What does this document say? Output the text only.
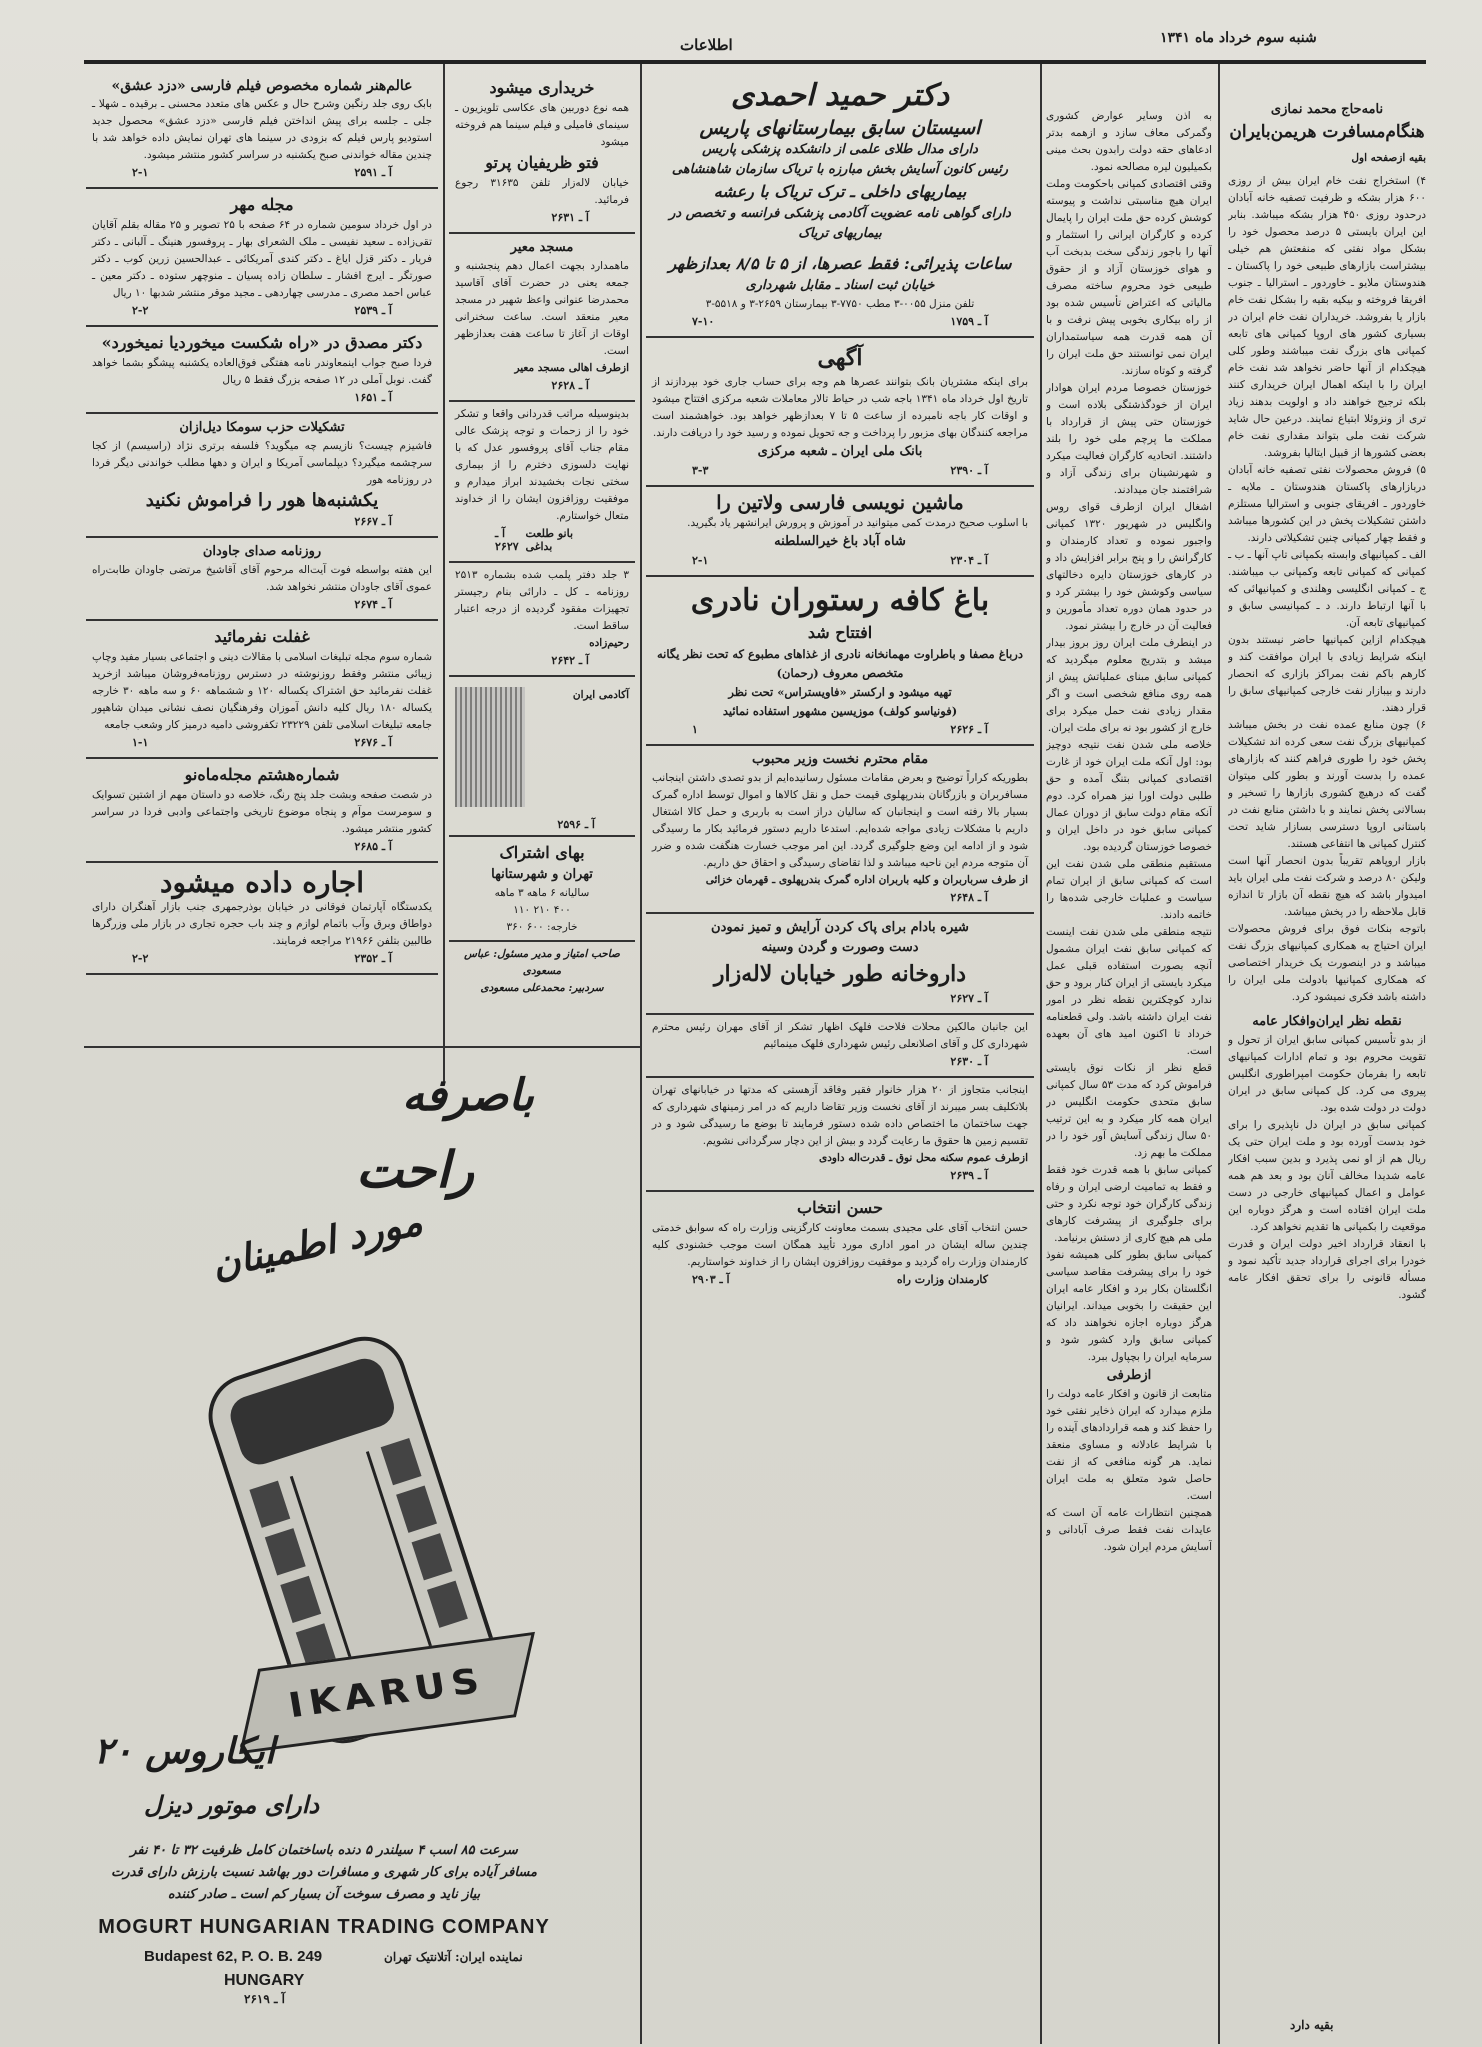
شنبه سوم خرداد ماه ۱۳۴۱
اطلاعات
نامه‌حاج محمد نمازی
هنگام‌مسافرت هریمن‌بایران
بقیه ازصفحه اول
۴) استخراج نفت خام ایران بیش از روزی ۶۰۰ هزار بشکه و ظرفیت تصفیه خانه آبادان درحدود روزی ۴۵۰ هزار بشکه میباشد. بنابر این ایران بایستی ۵ درصد محصول خود را بشکل مواد نفتی که منفعتش هم خیلی بیشتراست بازارهای طبیعی خود را پاکستان ـ هندوستان ملایو ـ خاوردور ـ استرالیا ـ جنوب افریقا فروخته و بیکیه بقیه را بشکل نفت خام بازار یا بفروشد. خریداران نفت خام ایران در بسیاری کشور های اروپا کمپانی های تابعه کمپانی های بزرگ نفت میباشند وطور کلی هیچکدام از آنها حاضر نخواهد شد نفت خام ایران را با اینکه اهمال ایران خریداری کنند بلکه ترجیح خواهند داد و اولویت بدهند زیاد تری از ونزوئلا ابتیاع نمایند. درعین حال شاید شرکت نفت ملی بتواند مقداری نفت خام بعضی کشورها از قبیل ایتالیا بفروشد.
۵) فروش محصولات نفتی تصفیه خانه آبادان دربازارهای پاکستان هندوستان ـ ملایه ـ خاوردور ـ افریقای جنوبی و استرالیا مستلزم داشتن تشکیلات پخش در این کشورها میباشد و فقط چهار کمپانی چنین تشکیلاتی دارند.
الف ـ کمپانیهای وابسته بکمپانی تاپ آنها ـ ب ـ کمپانی که کمپانی تابعه وکمپانی ب میباشند. ج ـ کمپانی انگلیسی وهلندی و کمپانیهائی که با آنها ارتباط دارند. د ـ کمپانیسی سابق و کمپانیهای تابعه آن.
هیچکدام ازاین کمپانیها حاضر نیستند بدون اینکه شرایط زیادی با ایران موافقت کند و کارهم باکم نفت بمراکز بازاری که انحصار دارند و بیبازار نفت خارجی کمپانیهای سابق را قرار دهند.
۶) چون منابع عمده نفت در بخش میباشد کمپانیهای بزرگ نفت سعی کرده اند تشکیلات پخش خود را طوری فراهم کنند که بازارهای عمده را بدست آورند و بطور کلی میتوان گفت که درهیچ کشوری بازارها را تسخیر و بسالانی پخش نمایند و با داشتن منابع نفت در باستانی اروپا دسترسی بسازار شاید تحت کنترل کمپانی ها انتفاعی هستند.
بازار اروپاهم تقریباً بدون انحصار آنها است ولیکن ۸۰ درصد و شرکت نفت ملی ایران باید امیدوار باشد که هیچ نقطه آن بازار تا اندازه قابل ملاحظه را در پخش میباشد.
باتوجه بنکات فوق برای فروش محصولات ایران احتیاج به همکاری کمپانیهای بزرگ نفت میباشد و در اینصورت یک خریدار اختصاصی که همکاری کمپانیها بادولت ملی ایران را داشته باشد فکری نمیشود کرد.
نقطه نظر ایران‌وافکار عامه
از بدو تأسیس کمپانی سابق ایران از تحول و تقویت محروم بود و تمام ادارات کمپانیهای تابعه را بفرمان حکومت امپراطوری انگلیس پیروی می کرد. کل کمپانی سابق در ایران دولت در دولت شده بود.
کمپانی سابق در ایران دل ناپذیری را برای خود بدست آورده بود و ملت ایران حتی یک ریال هم از او نمی پذیرد و بدین سبب افکار عامه شدیدا مخالف آنان بود و بعد هم همه عوامل و اعمال کمپانیهای خارجی در دست ملت ایران افتاده است و هرگز دوباره این موقعیت را بکمپانی ها تقدیم نخواهد کرد.
با انعقاد قرارداد اخیر دولت ایران و قدرت خودرا برای اجرای قرارداد جدید تأکید نمود و مسأله قانونی را برای تحقق افکار عامه گشود.
بقیه دارد
به اذن وسایر عوارض کشوری وگمرکی معاف سازد و ازهمه بدتر ادعاهای حقه دولت رابدون بحث مینی بکمیلیون لیره مصالحه نمود.
وقتی اقتصادی کمپانی باحکومت وملت ایران هیچ مناسبتی نداشت و پیوسته کوشش کرده حق ملت ایران را پایمال کرده و کارگران ایرانی را استثمار و آنها را باجور زندگی سخت بدبخت آب و هوای خوزستان آزاد و از حقوق طبیعی خود محروم ساخته مصرف مالیاتی که اعتراض تأسیس شده بود از راه بیکاری بخوبی پیش نرفت و با آن همه قدرت همه سیاستمداران ایران نمی توانستند حق ملت ایران را گرفته و کوتاه سازند.
خوزستان خصوصا مردم ایران هوادار ایران از خودگذشتگی بلاده است و خوزستان حتی پیش از قرارداد با مملکت ما پرچم ملی خود را بلند داشتند. اتحادیه کارگران فعالیت میکرد و شهرنشینان برای زندگی آزاد و شرافتمند جان میدادند.
اشغال ایران ازطرف قوای روس وانگلیس در شهریور ۱۳۲۰ کمپانی واجبور نموده و تعداد کارمندان و کارگرانش را و پنج برابر افزایش داد و در کارهای خوزستان دایره دخالتهای سیاسی وکوشش خود را بیشتر کرد و در حدود همان دوره تعداد مأمورین و فعالیت آن در خارج را بیشتر نمود.
در اینطرف ملت ایران روز بروز بیدار میشد و بتدریج معلوم میگردید که کمپانی سابق مبنای عملیاتش پیش از همه روی منافع شخصی است و اگر مقدار زیادی نفت حمل میکرد برای خارج از کشور بود نه برای ملت ایران.
خلاصه ملی شدن نفت نتیجه دوچیز بود: اول آنکه ملت ایران خود از غارت اقتصادی کمپانی بتنگ آمده و حق طلبی دولت اورا نیز همراه کرد. دوم آنکه مقام دولت سابق از دوران عمال کمپانی سابق خود در داخل ایران و خصوصا خوزستان گردیده بود.
مستقیم منطقی ملی شدن نفت این است که کمپانی سابق از ایران تمام سیاست و عملیات خارجی شده‌ها را خاتمه دادند.
نتیجه منطقی ملی شدن نفت اینست که کمپانی سابق نفت ایران مشمول آنچه بصورت استفاده قبلی عمل میکرد بایستی از ایران کنار برود و حق ندارد کوچکترین نقطه نظر در امور نفت ایران داشته باشد. ولی قطعنامه خرداد تا اکنون امید های آن بعهده است.
قطع نظر از نکات نوق بایستی فراموش کرد که مدت ۵۳ سال کمپانی سابق متحدی حکومت انگلیس در ایران همه کار میکرد و به این ترتیب ۵۰ سال زندگی آسایش آور خود را در مملکت ما بهم زد.
کمپانی سابق با همه قدرت خود فقط و فقط به تمامیت ارضی ایران و رفاه زندگی کارگران خود توجه نکرد و حتی برای جلوگیری از پیشرفت کارهای ملی هم هیچ کاری از دستش برنیامد.
کمپانی سابق بطور کلی همیشه نفوذ خود را برای پیشرفت مقاصد سیاسی انگلستان بکار برد و افکار عامه ایران این حقیقت را بخوبی میداند. ایرانیان هرگز دوباره اجازه نخواهند داد که کمپانی سابق وارد کشور شود و سرمایه ایران را بچپاول ببرد.
ازطرفی
متابعت از قانون و افکار عامه دولت را ملزم میدارد که ایران ذخایر نفتی خود را حفظ کند و همه قراردادهای آینده را با شرایط عادلانه و مساوی منعقد نماید. هر گونه منافعی که از نفت حاصل شود متعلق به ملت ایران است.
همچنین انتظارات عامه آن است که عایدات نفت فقط صرف آبادانی و آسایش مردم ایران شود.
دکتر حمید احمدی
اسیستان سابق بیمارستانهای پاریس
دارای مدال طلای علمی از دانشکده پزشکی پاریس
رئیس کانون آسایش بخش مبارزه با تریاک سازمان شاهنشاهی
بیماریهای داخلی ـ ترک تریاک با رعشه
دارای گواهی نامه عضویت آکادمی پزشکی فرانسه و تخصص در بیماریهای تریاک
ساعات پذیرائی: فقط عصرها، از ۵ تا ۸/۵ بعدازظهر
خیابان ثبت اسناد ـ مقابل شهرداری
تلفن منزل ۰۰۵۵-۳ مطب ۷۷۵۰-۳ بیمارستان ۲۶۵۹-۳ و ۵۵۱۸-۳
۷-۱۰	آ ـ ۱۷۵۹
آگهی
برای اینکه مشتریان بانک بتوانند عصرها هم وجه برای حساب جاری خود بپردازند از تاریخ اول خرداد ماه ۱۳۴۱ باجه شب در حیاط تالار معاملات شعبه مرکزی افتتاح میشود و اوقات کار باجه نامبرده از ساعت ۵ تا ۷ بعدازظهر خواهد بود. خواهشمند است مراجعه کنندگان بهای مزبور را پرداخت و جه تحویل نموده و رسید خود را دریافت دارند.
بانک ملی ایران ـ شعبه مرکزی
۳-۳	آ ـ ۲۳۹۰
ماشین نویسی فارسی ولاتین را
با اسلوب صحیح درمدت کمی میتوانید در آموزش و پرورش ایرانشهر یاد بگیرید.
شاه آباد باغ خیرالسلطنه
۲-۱	آ ـ ۲۳۰۴
باغ کافه رستوران نادری
افتتاح شد
درباغ مصفا و باطراوت مهمانخانه نادری از غذاهای مطبوع که تحت نظر یگانه متخصص معروف (رحمان)
تهیه میشود و ارکستر «فاویستراس» تحت نظر
(فونیاسو کولف) موزیسین مشهور استفاده نمائید
۱	آ ـ ۲۶۲۶
مقام محترم نخست وزیر محبوب
بطوریکه کراراً توضیح و بعرض مقامات مسئول رسانیده‌ایم از بدو تصدی داشتن اینجانب مسافربران و بازرگانان بندرپهلوی قیمت حمل و نقل کالاها و اموال توسط اداره گمرک بسیار بالا رفته است و اینجانبان که سالیان دراز است به باربری و حمل کالا اشتغال داریم با مشکلات زیادی مواجه شده‌ایم. استدعا داریم دستور فرمائید بکار ما رسیدگی شود و از ادامه این وضع جلوگیری گردد. این امر موجب خسارت هنگفت شده و ضرر آن متوجه مردم این ناحیه میباشد و لذا تقاضای رسیدگی و احقاق حق داریم.
از طرف سرباربران و کلیه باربران اداره گمرک بندرپهلوی ـ قهرمان خزائی
آ ـ ۲۶۴۸
شیره بادام برای پاک کردن آرایش و تمیز نمودن
دست وصورت و گردن وسینه
داروخانه طور خیابان لاله‌زار
آ ـ ۲۶۲۷
این جانبان مالکین محلات فلاحت فلهک اظهار تشکر از آقای مهران رئیس محترم شهرداری کل و آقای اصلانعلی رئیس شهرداری فلهک مینمائیم
آ ـ ۲۶۳۰
اینجانب متجاوز از ۲۰ هزار خانوار فقیر وفاقد آزهستی که مدتها در خیابانهای تهران بلاتکلیف بسر میبرند از آقای نخست وزیر تقاضا داریم که در امر زمینهای شهرداری که جهت ساختمان ما اختصاص داده شده دستور فرمایند تا بوضع ما رسیدگی شود و در تقسیم زمین ها حقوق ما رعایت گردد و بیش از این دچار سرگردانی نشویم.
ازطرف عموم سکنه محل نوق ـ قدرت‌اله داودی
آ ـ ۲۶۳۹
حسن انتخاب
حسن انتخاب آقای علی مجیدی بسمت معاونت کارگزینی وزارت راه که سوابق خدمتی چندین ساله ایشان در امور اداری مورد تأیید همگان است موجب خشنودی کلیه کارمندان وزارت راه گردید و موفقیت روزافزون ایشان را از خداوند خواستاریم.
آ ـ ۲۹۰۳	کارمندان وزارت راه
خریداری میشود
همه نوع دوربین های عکاسی تلویزیون ـ سینمای فامیلی و فیلم سینما هم فروخته میشود
فتو ظریفیان پرتو
خیابان لاله‌زار تلفن ۳۱۶۳۵ رجوع فرمائید.
آ ـ ۲۶۳۱
مسجد معیر
ماهمدارد بجهت اعمال دهم پنجشنبه و جمعه یعنی در حضرت آقای آقاسید محمدرضا عنوانی واعظ شهیر در مسجد معیر منعقد است. ساعت سخنرانی اوقات از آغاز تا ساعت هفت بعدازظهر است.
ازطرف اهالی مسجد معیر
آ ـ ۲۶۲۸
بدینوسیله مراتب قدردانی واقعا و تشکر خود را از زحمات و توجه پزشک عالی مقام جناب آقای پروفسور عدل که با نهایت دلسوزی دخترم را از بیماری سختی نجات بخشیدند ابراز میدارم و موفقیت روزافزون ایشان را از خداوند متعال خواستارم.
آ ـ ۲۶۲۷
بانو طلعت بداغی
۳ جلد دفتر پلمب شده بشماره ۲۵۱۳ روزنامه ـ کل ـ دارائی بنام رجیستر تجهیزات مفقود گردیده از درجه اعتبار ساقط است.
رحیم‌زاده
آ ـ ۲۶۴۲
آکادمی ایران
آ ـ ۲۵۹۶
بهای اشتراک
تهران و شهرستانها
ساليانه ۶ ماهه ۳ ماهه
۴۰۰ ۲۱۰ ۱۱۰
خارجه: ۶۰۰ ۳۶۰
صاحب امتیاز و مدیر مسئول: عباس مسعودی
سردبیر: محمدعلی مسعودی
عالم‌هنر شماره مخصوص فیلم فارسی «دزد عشق»
بابک روی جلد رنگین وشرح حال و عکس های متعدد محسنی ـ برقیده ـ شهلا ـ جلی ـ جلسه برای پیش انداختن فیلم فارسی «دزد عشق» محصول جدید استودیو پارس فیلم که بزودی در سینما های تهران نمایش داده خواهد شد با چندین مقاله خواندنی صبح یکشنبه در سراسر کشور منتشر میشود.
۲-۱	آ ـ ۲۵۹۱
مجله مهر
در اول خرداد سومین شماره در ۶۴ صفحه با ۲۵ تصویر و ۲۵ مقاله بقلم آقایان تقی‌زاده ـ سعید نفیسی ـ ملک الشعرای بهار ـ پروفسور هنینگ ـ آلبانی ـ دکتر فریار ـ دکتر قزل ایاغ ـ دکتر کندی آمریکائی ـ عبدالحسین زرین کوب ـ دکتر صورتگر ـ ایرج افشار ـ سلطان زاده پسیان ـ منوچهر ستوده ـ دکتر معین ـ عباس احمد مصری ـ مدرسی چهاردهی ـ مجید موقر منتشر شدبها ۱۰ ریال
۲-۲	آ ـ ۲۵۳۹
دکتر مصدق در «راه شکست میخوردیا نمیخورد»
فردا صبح جواب اینمعاوندر نامه هفتگی فوق‌العاده یکشنبه پیشگو بشما خواهد گفت. نوبل آملی در ۱۲ صفحه بزرگ فقط ۵ ریال
آ ـ ۱۶۵۱
تشکیلات حزب سومکا دیل‌ازان
فاشیزم چیست؟ نازیسم چه میگوید؟ فلسفه برتری نژاد (راسیسم) از کجا سرچشمه میگیرد؟ دیپلماسی آمریکا و ایران و دهها مطلب خواندنی دیگر فردا در روزنامه هور
یکشنبه‌ها هور را فراموش نکنید
آ ـ ۲۶۶۷
روزنامه صدای جاودان
این هفته بواسطه فوت آیت‌اله مرحوم آقای آقاشیخ مرتضی جاودان طابت‌راه عموی آقای جاودان منتشر نخواهد شد.
آ ـ ۲۶۷۴
غفلت نفرمائید
شماره سوم مجله تبلیغات اسلامی با مقالات دینی و اجتماعی بسیار مفید وچاپ زیبائی منتشر وفقط روزنوشته در دسترس روزنامه‌فروشان میباشد ازخرید غفلت نفرمائید حق اشتراک یکساله ۱۲۰ و ششماهه ۶۰ و سه ماهه ۳۰ خارجه یکساله ۱۸۰ ریال کلیه دانش آموزان وفرهنگیان نصف نشانی میدان شاهپور جامعه تبلیغات اسلامی تلفن ۲۳۲۲۹ تکفروشی دامیه درمیز کار وشعب جامعه
۱-۱	آ ـ ۲۶۷۶
شماره‌هشتم مجله‌ماه‌نو
در شصت صفحه وبشت جلد پنج رنگ، خلاصه دو داستان مهم از اشتین تسوایک و سومرست موآم و پنجاه موضوع تاریخی واجتماعی وادبی فردا در سراسر کشور منتشر میشود.
آ ـ ۲۶۸۵
اجاره داده میشود
یکدستگاه آپارتمان فوقانی در خیابان بوذرجمهری جنب بازار آهنگران دارای دواطاق وبرق وآب باتمام لوازم و چند باب حجره تجاری در بازار ملی وزرگرها طالبین بتلفن ۲۱۹۶۶ مراجعه فرمایند.
۲-۲	آ ـ ۲۳۵۲
باصرفه
راحت
مورد اطمینان
IKARUS
ایکاروس ۲۰
دارای موتور دیزل
سرعت ۸۵ اسب ۴ سیلندر ۵ دنده باساختمان کامل ظرفیت ۳۲ تا ۴۰ نفر
مسافر آیاده برای کار شهری و مسافرات دور بهاشد نسبت بارزش دارای قدرت
بیاز ناید و مصرف سوخت آن بسیار کم است ـ صادر کننده
MOGURT HUNGARIAN TRADING COMPANY
Budapest 62, P. O. B. 249	نماینده ایران: آتلانتیک تهران
HUNGARY
آ ـ ۲۶۱۹
